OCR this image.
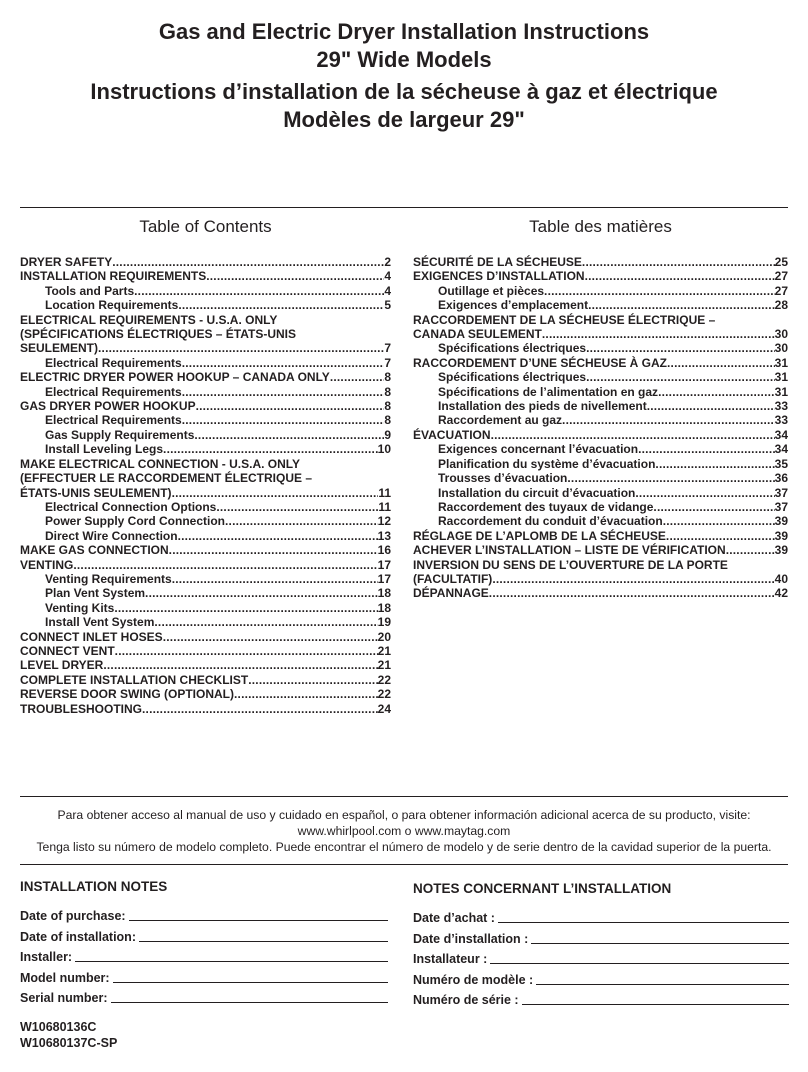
Gas and Electric Dryer Installation Instructions
29" Wide Models
Instructions d’installation de la sécheuse à gaz et électrique
Modèles de largeur 29"
Table of Contents
DRYER SAFETY .....	2
INSTALLATION REQUIREMENTS .....	4
Tools and Parts .....	4
Location Requirements .....	5
ELECTRICAL REQUIREMENTS - U.S.A. ONLY
(SPÉCIFICATIONS ÉLECTRIQUES – ÉTATS-UNIS
SEULEMENT) .....	7
Electrical Requirements .....	7
ELECTRIC DRYER POWER HOOKUP – CANADA ONLY .....	8
Electrical Requirements .....	8
GAS DRYER POWER HOOKUP .....	8
Electrical Requirements .....	8
Gas Supply Requirements .....	9
Install Leveling Legs .....	10
MAKE ELECTRICAL CONNECTION - U.S.A. ONLY
(EFFECTUER LE RACCORDEMENT ÉLECTRIQUE –
ÉTATS-UNIS SEULEMENT) .....	11
Electrical Connection Options .....	11
Power Supply Cord Connection .....	12
Direct Wire Connection .....	13
MAKE GAS CONNECTION .....	16
VENTING .....	17
Venting Requirements .....	17
Plan Vent System .....	18
Venting Kits .....	18
Install Vent System .....	19
CONNECT INLET HOSES .....	20
CONNECT VENT .....	21
LEVEL DRYER .....	21
COMPLETE INSTALLATION CHECKLIST .....	22
REVERSE DOOR SWING (OPTIONAL) .....	22
TROUBLESHOOTING .....	24
Table des matières
SÉCURITÉ DE LA SÉCHEUSE .....	25
EXIGENCES D’INSTALLATION .....	27
Outillage et pièces .....	27
Exigences d’emplacement .....	28
RACCORDEMENT DE LA SÉCHEUSE ÉLECTRIQUE –
CANADA SEULEMENT .....	30
Spécifications électriques .....	30
RACCORDEMENT D’UNE SÉCHEUSE À GAZ .....	31
Spécifications électriques .....	31
Spécifications de l’alimentation en gaz .....	31
Installation des pieds de nivellement .....	33
Raccordement au gaz .....	33
ÉVACUATION .....	34
Exigences concernant l’évacuation .....	34
Planification du système d’évacuation .....	35
Trousses d’évacuation .....	36
Installation du circuit d’évacuation .....	37
Raccordement des tuyaux de vidange .....	37
Raccordement du conduit d’évacuation .....	39
RÉGLAGE DE L’APLOMB DE LA SÉCHEUSE .....	39
ACHEVER L’INSTALLATION – LISTE DE VÉRIFICATION .....	39
INVERSION DU SENS DE L’OUVERTURE DE LA PORTE
(FACULTATIF) .....	40
DÉPANNAGE .....	42
Para obtener acceso al manual de uso y cuidado en español, o para obtener información adicional acerca de su producto, visite:
www.whirlpool.com o www.maytag.com
Tenga listo su número de modelo completo. Puede encontrar el número de modelo y de serie dentro de la cavidad superior de la puerta.
INSTALLATION NOTES
Date of purchase:
Date of installation:
Installer:
Model number:
Serial number:
NOTES CONCERNANT L’INSTALLATION
Date d’achat :
Date d’installation :
Installateur :
Numéro de modèle :
Numéro de série :
W10680136C
W10680137C-SP
